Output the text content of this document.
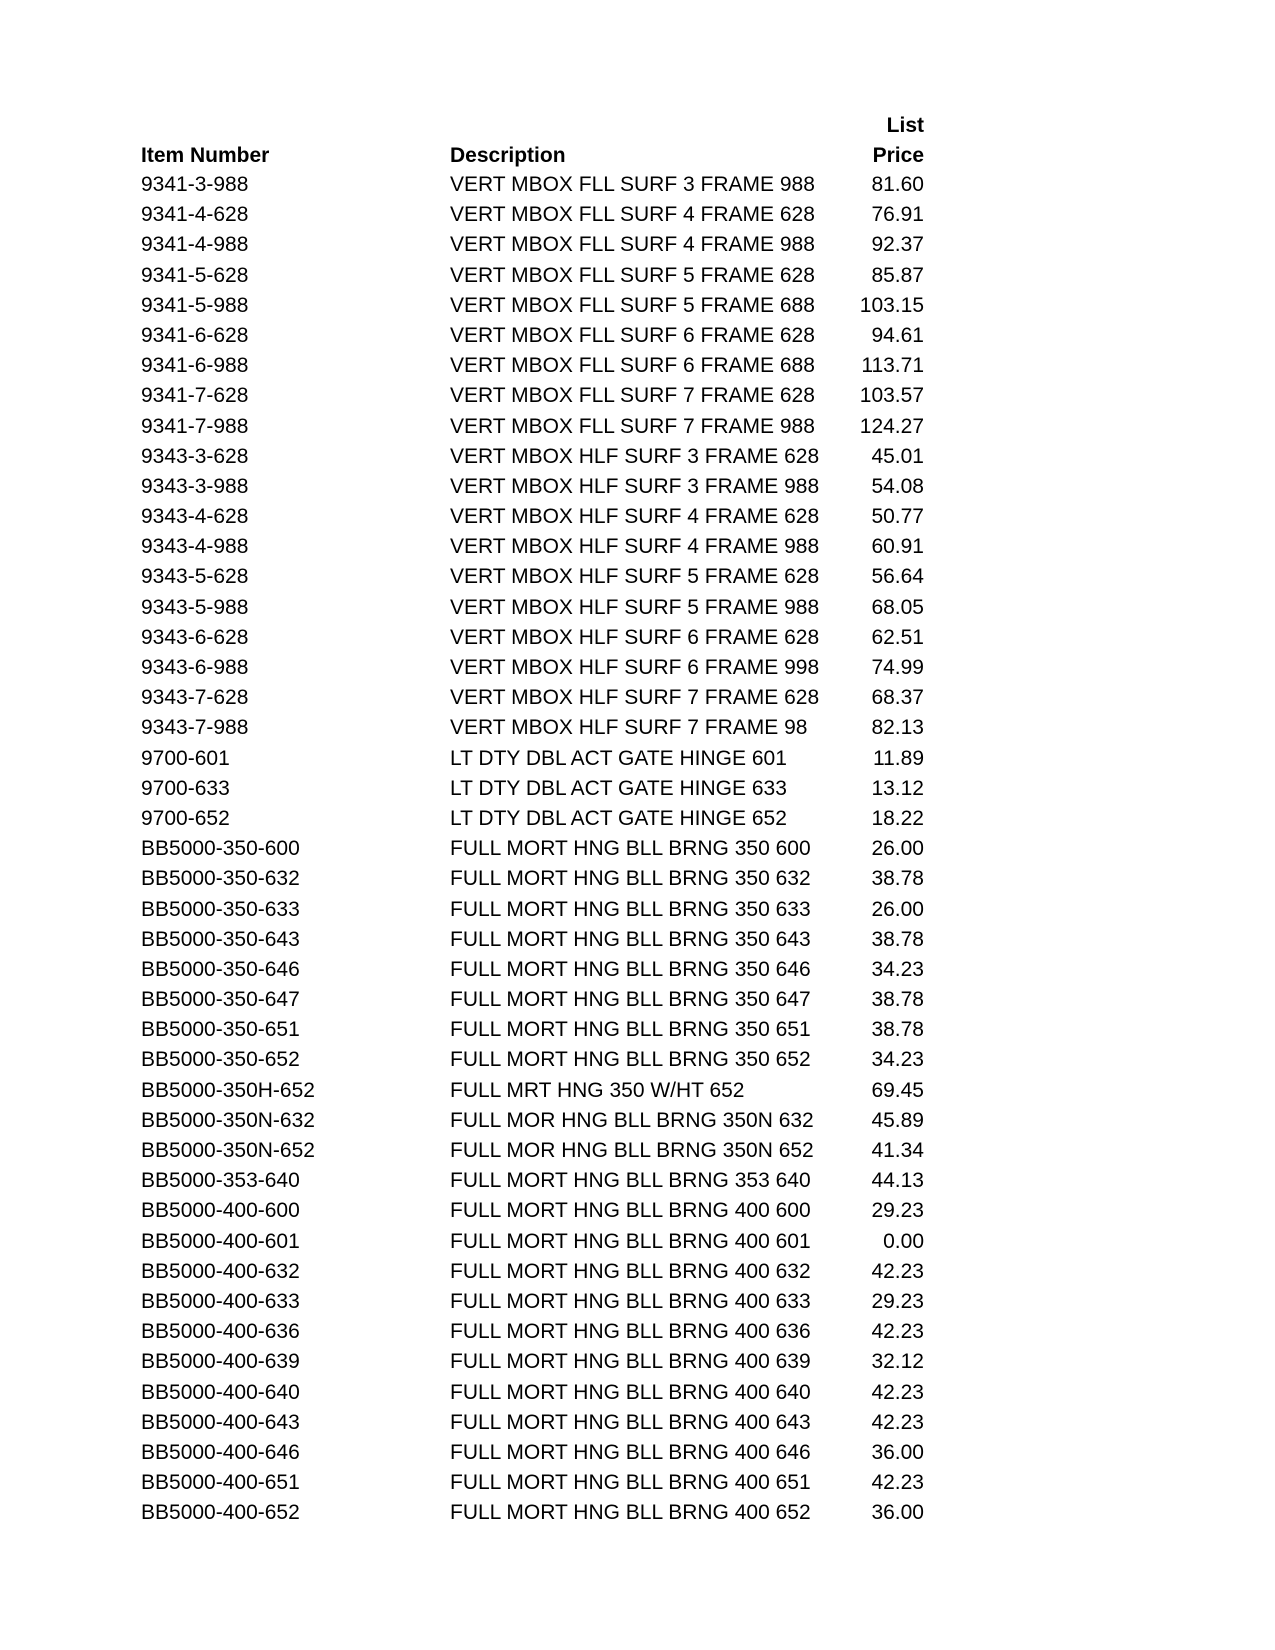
List
Item Number	Description	Price
9341-3-988	VERT MBOX FLL SURF 3 FRAME 988	81.60
9341-4-628	VERT MBOX FLL SURF 4 FRAME 628	76.91
9341-4-988	VERT MBOX FLL SURF 4 FRAME 988	92.37
9341-5-628	VERT MBOX FLL SURF 5 FRAME 628	85.87
9341-5-988	VERT MBOX FLL SURF 5 FRAME 688	103.15
9341-6-628	VERT MBOX FLL SURF 6 FRAME 628	94.61
9341-6-988	VERT MBOX FLL SURF 6 FRAME 688	113.71
9341-7-628	VERT MBOX FLL SURF 7 FRAME 628	103.57
9341-7-988	VERT MBOX FLL SURF 7 FRAME 988	124.27
9343-3-628	VERT MBOX HLF SURF 3 FRAME 628	45.01
9343-3-988	VERT MBOX HLF SURF 3 FRAME 988	54.08
9343-4-628	VERT MBOX HLF SURF 4 FRAME 628	50.77
9343-4-988	VERT MBOX HLF SURF 4 FRAME 988	60.91
9343-5-628	VERT MBOX HLF SURF 5 FRAME 628	56.64
9343-5-988	VERT MBOX HLF SURF 5 FRAME 988	68.05
9343-6-628	VERT MBOX HLF SURF 6 FRAME 628	62.51
9343-6-988	VERT MBOX HLF SURF 6 FRAME 998	74.99
9343-7-628	VERT MBOX HLF SURF 7 FRAME 628	68.37
9343-7-988	VERT MBOX HLF SURF 7 FRAME 98	82.13
9700-601	LT DTY DBL ACT GATE HINGE 601	11.89
9700-633	LT DTY DBL ACT GATE HINGE 633	13.12
9700-652	LT DTY DBL ACT GATE HINGE 652	18.22
BB5000-350-600	FULL MORT HNG BLL BRNG 350 600	26.00
BB5000-350-632	FULL MORT HNG BLL BRNG 350 632	38.78
BB5000-350-633	FULL MORT HNG BLL BRNG 350 633	26.00
BB5000-350-643	FULL MORT HNG BLL BRNG 350 643	38.78
BB5000-350-646	FULL MORT HNG BLL BRNG 350 646	34.23
BB5000-350-647	FULL MORT HNG BLL BRNG 350 647	38.78
BB5000-350-651	FULL MORT HNG BLL BRNG 350 651	38.78
BB5000-350-652	FULL MORT HNG BLL BRNG 350 652	34.23
BB5000-350H-652	FULL MRT HNG 350 W/HT 652	69.45
BB5000-350N-632	FULL MOR HNG BLL BRNG 350N 632	45.89
BB5000-350N-652	FULL MOR HNG BLL BRNG 350N 652	41.34
BB5000-353-640	FULL MORT HNG BLL BRNG 353 640	44.13
BB5000-400-600	FULL MORT HNG BLL BRNG 400 600	29.23
BB5000-400-601	FULL MORT HNG BLL BRNG 400 601	0.00
BB5000-400-632	FULL MORT HNG BLL BRNG 400 632	42.23
BB5000-400-633	FULL MORT HNG BLL BRNG 400 633	29.23
BB5000-400-636	FULL MORT HNG BLL BRNG 400 636	42.23
BB5000-400-639	FULL MORT HNG BLL BRNG 400 639	32.12
BB5000-400-640	FULL MORT HNG BLL BRNG 400 640	42.23
BB5000-400-643	FULL MORT HNG BLL BRNG 400 643	42.23
BB5000-400-646	FULL MORT HNG BLL BRNG 400 646	36.00
BB5000-400-651	FULL MORT HNG BLL BRNG 400 651	42.23
BB5000-400-652	FULL MORT HNG BLL BRNG 400 652	36.00
